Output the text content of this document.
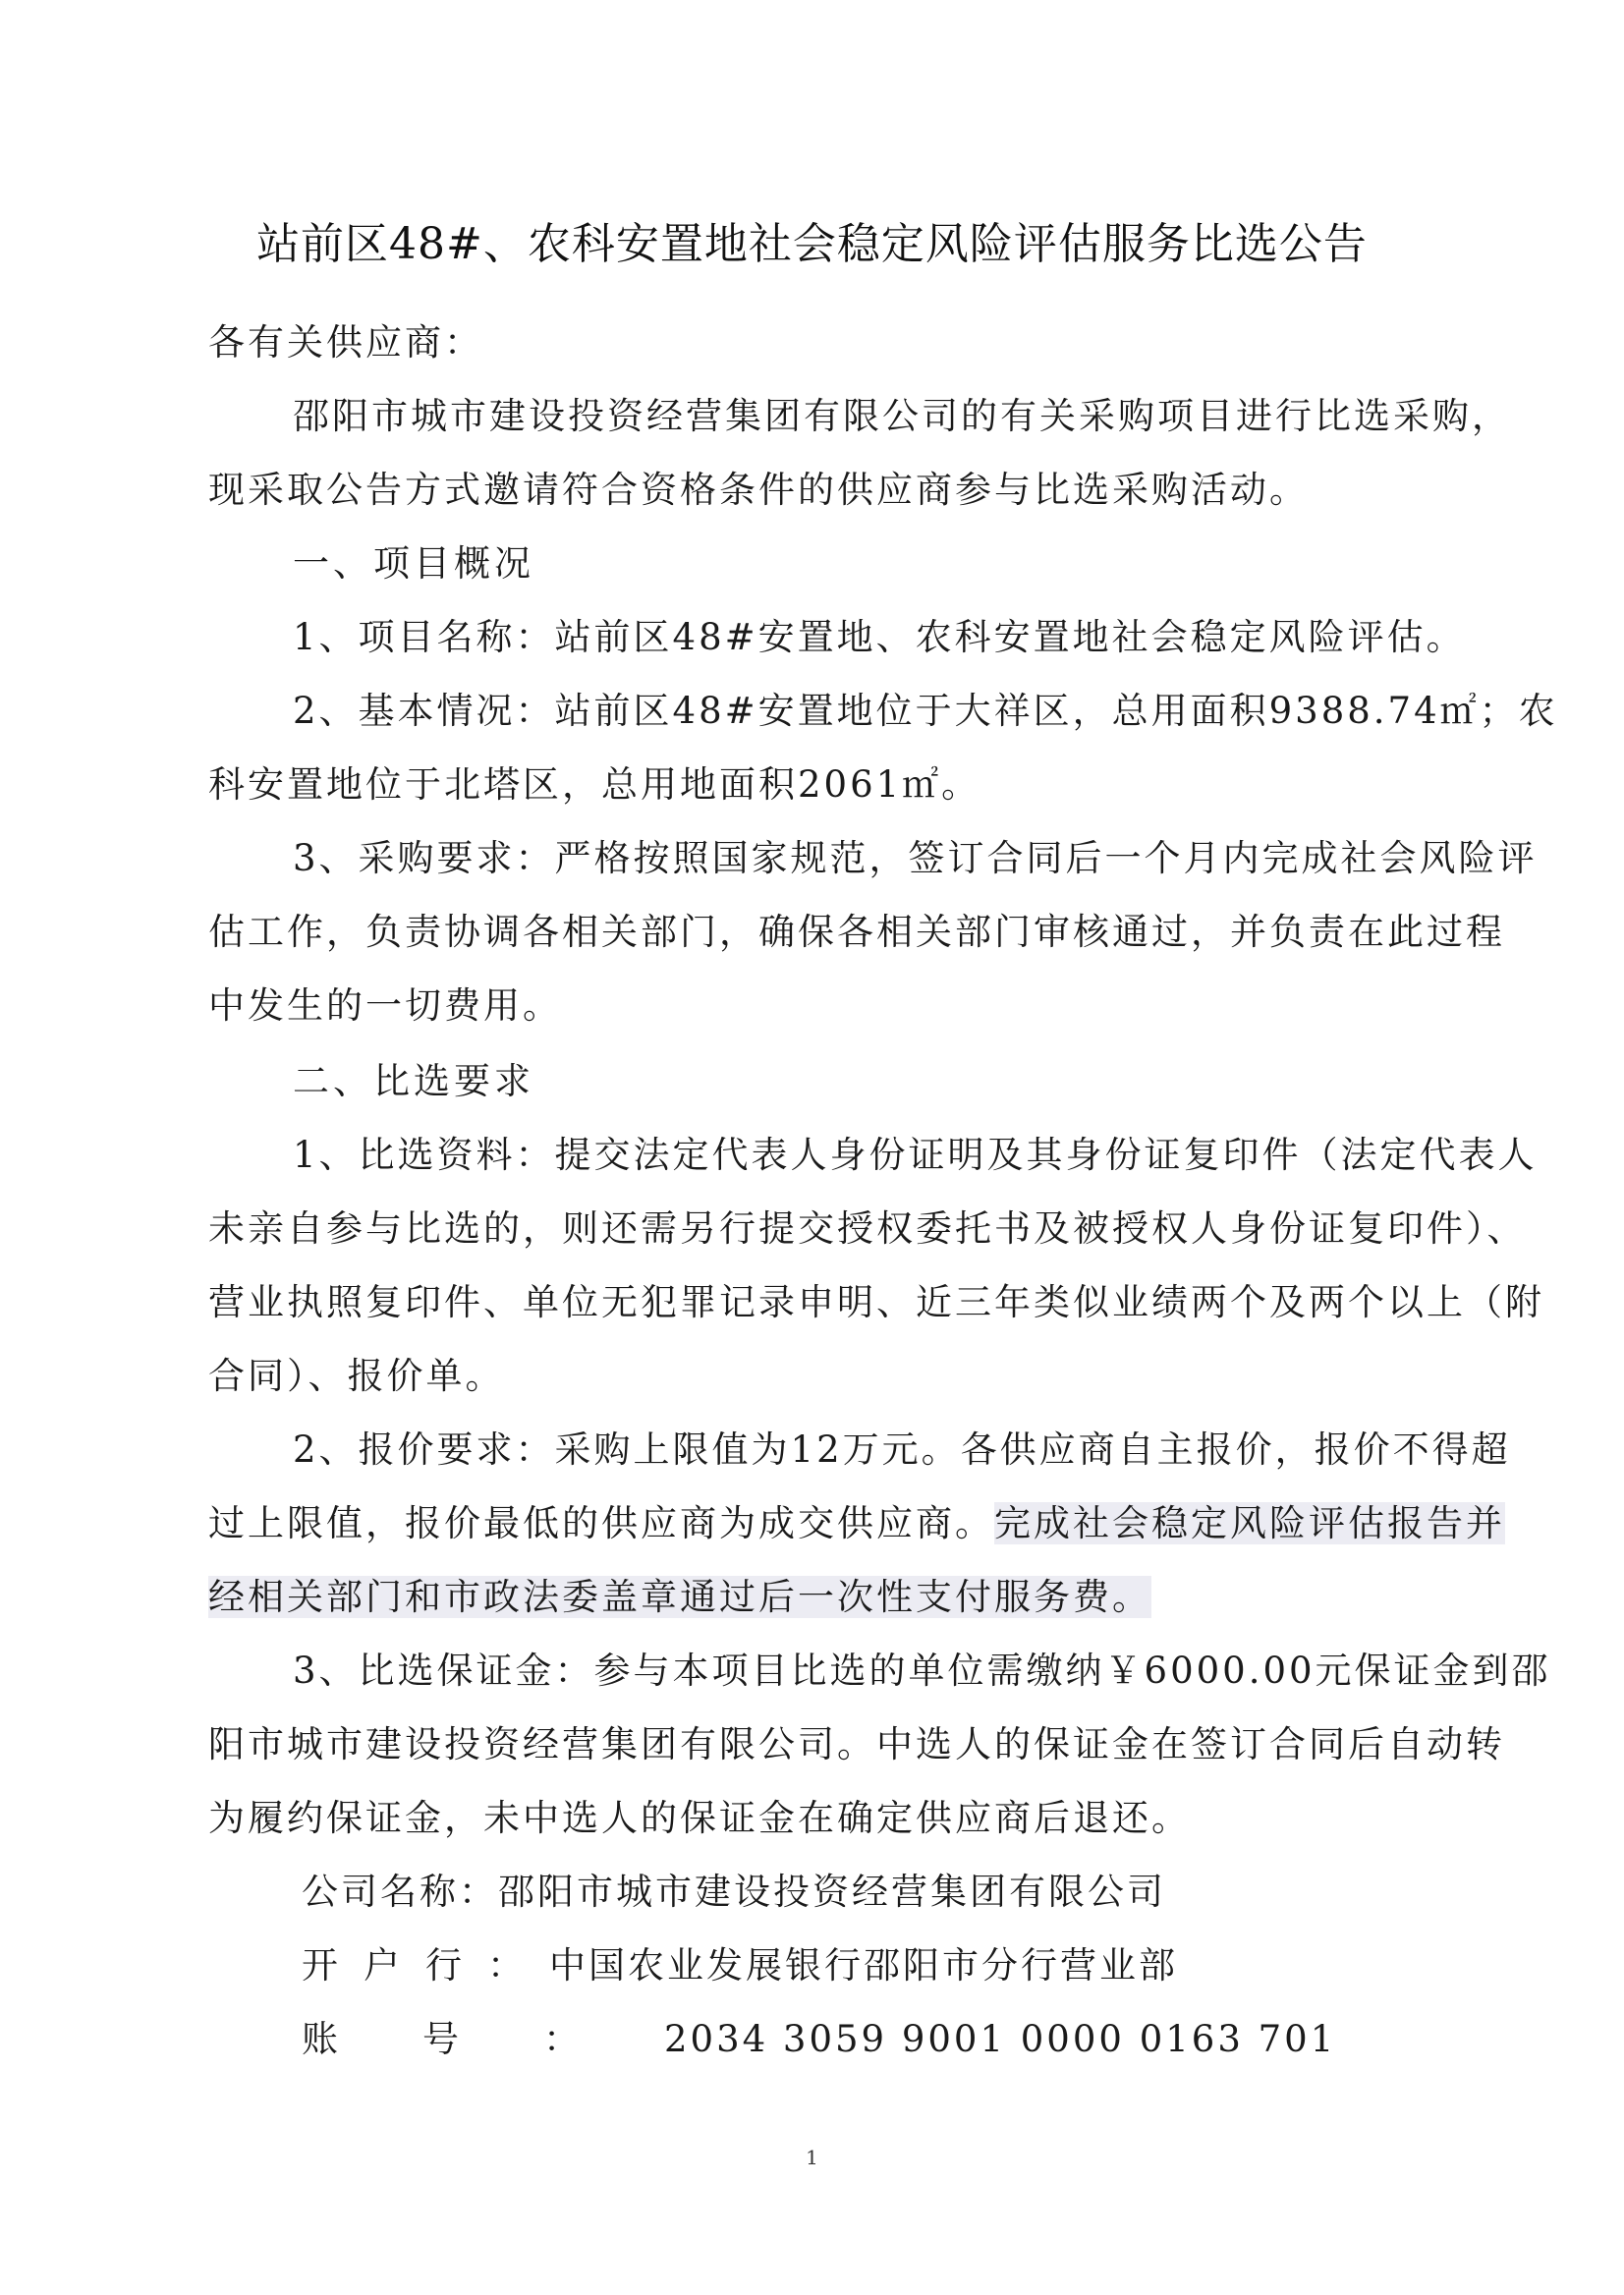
站前区48#、农科安置地社会稳定风险评估服务比选公告
各有关供应商：
邵阳市城市建设投资经营集团有限公司的有关采购项目进行比选采购，
现采取公告方式邀请符合资格条件的供应商参与比选采购活动。
一、项目概况
1、项目名称：站前区48#安置地、农科安置地社会稳定风险评估。
2、基本情况：站前区48#安置地位于大祥区，总用面积9388.74㎡；农
科安置地位于北塔区，总用地面积2061㎡。
3、采购要求：严格按照国家规范，签订合同后一个月内完成社会风险评
估工作，负责协调各相关部门，确保各相关部门审核通过，并负责在此过程
中发生的一切费用。
二、比选要求
1、比选资料：提交法定代表人身份证明及其身份证复印件（法定代表人
未亲自参与比选的，则还需另行提交授权委托书及被授权人身份证复印件）、
营业执照复印件、单位无犯罪记录申明、近三年类似业绩两个及两个以上（附
合同）、报价单。
2、报价要求：采购上限值为12万元。各供应商自主报价，报价不得超
过上限值，报价最低的供应商为成交供应商。完成社会稳定风险评估报告并
经相关部门和市政法委盖章通过后一次性支付服务费。
3、比选保证金：参与本项目比选的单位需缴纳￥6000.00元保证金到邵
阳市城市建设投资经营集团有限公司。中选人的保证金在签订合同后自动转
为履约保证金，未中选人的保证金在确定供应商后退还。
公司名称：邵阳市城市建设投资经营集团有限公司
开户行：中国农业发展银行邵阳市分行营业部
账号：2034 3059 9001 0000 0163 701
1
